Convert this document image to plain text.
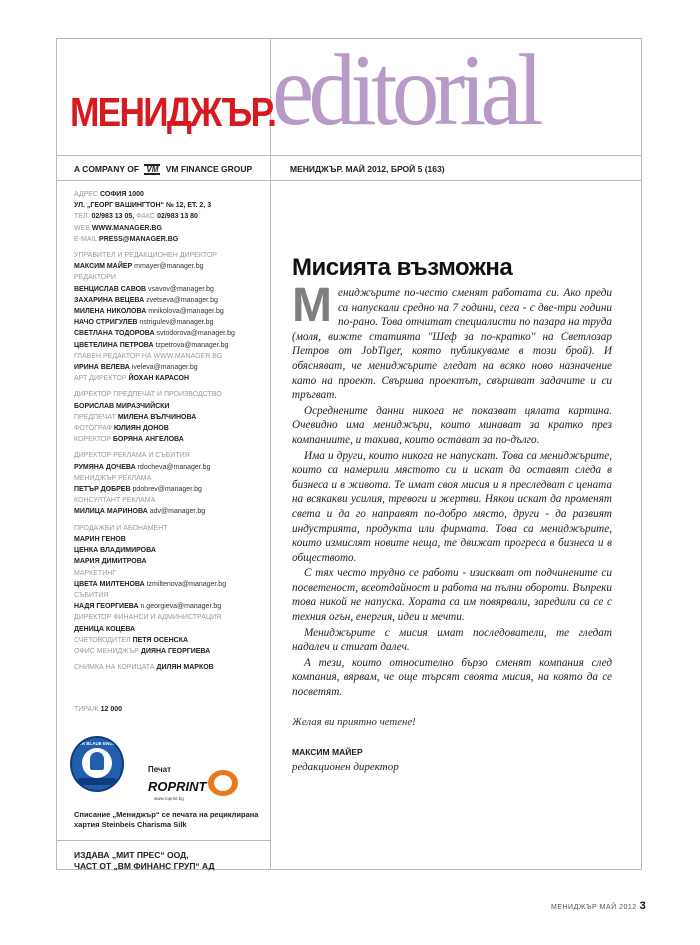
МЕНИДЖЪР.
editorial
A COMPANY OF VM VM FINANCE GROUP	МЕНИДЖЪР. МАЙ 2012, БРОЙ 5 (163)
АДРЕС СОФИЯ 1000
УЛ. „ГЕОРГ ВАШИНГТОН“ № 12, ЕТ. 2, 3
ТЕЛ. 02/983 13 05, ФАКС 02/983 13 80
WEB WWW.MANAGER.BG
E-MAIL PRESS@MANAGER.BG
УПРАВИТЕЛ И РЕДАКЦИОНЕН ДИРЕКТОР
МАКСИМ МАЙЕР mmayer@manager.bg
РЕДАКТОРИ
ВЕНЦИСЛАВ САВОВ vsavov@manager.bg
ЗАХАРИНА ВЕЦЕВА zvetseva@manager.bg
МИЛЕНА НИКОЛОВА mnikolova@manager.bg
НАЧО СТРИГУЛЕВ nstrigulev@manager.bg
СВЕТЛАНА ТОДОРОВА svtodorova@manager.bg
ЦВЕТЕЛИНА ПЕТРОВА tzpetrova@manager.bg
ГЛАВЕН РЕДАКТОР НА WWW.MANAGER.BG
ИРИНА ВЕЛЕВА iveleva@manager.bg
АРТ ДИРЕКТОР ЙОХАН КАРАСОН
ДИРЕКТОР ПРЕДПЕЧАТ И ПРОИЗВОДСТВО
БОРИСЛАВ МИРАЗЧИЙСКИ
ПРЕДПЕЧАТ МИЛЕНА ВЪЛЧИНОВА
ФОТОГРАФ ЮЛИЯН ДОНОВ
КОРЕКТОР БОРЯНА АНГЕЛОВА
ДИРЕКТОР РЕКЛАМА И СЪБИТИЯ
РУМЯНА ДОЧЕВА rdocheva@manager.bg
МЕНИДЖЪР РЕКЛАМА
ПЕТЪР ДОБРЕВ pdobrev@manager.bg
КОНСУЛТАНТ РЕКЛАМА
МИЛИЦА МАРИНОВА adv@manager.bg
ПРОДАЖБИ И АБОНАМЕНТ
МАРИН ГЕНОВ
ЦЕНКА ВЛАДИМИРОВА
МАРИЯ ДИМИТРОВА
МАРКЕТИНГ
ЦВЕТА МИЛТЕНОВА tzmiltenova@manager.bg
СЪБИТИЯ
НАДЯ ГЕОРГИЕВА n.georgieva@manager.bg
ДИРЕКТОР ФИНАНСИ И АДМИНИСТРАЦИЯ
ДЕНИЦА КОЦЕВА
СЧЕТОВОДИТЕЛ ПЕТЯ ОСЕНСКА
ОФИС МЕНИДЖЪР ДИЯНА ГЕОРГИЕВА
СНИМКА НА КОРИЦАТА ДИЛЯН МАРКОВ
ТИРАЖ 12 000
DER BLAUE ENGEL
Печат
ROPRINT
www.roprint.bg
Списание „Мениджър“ се печата на рециклирана хартия Steinbeis Charisma Silk
ИЗДАВА „МИТ ПРЕС“ ООД,
ЧАСТ ОТ „ВМ ФИНАНС ГРУП“ АД
Мисията възможна

Мениджърите по-често сменят работата си. Ако преди са напускали средно на 7 години, сега - с две-три години по-рано. Това отчитат специалисти по пазара на труда (моля, вижте статията "Шеф за по-кратко" на Светлозар Петров от JobTiger, която публикуваме в този брой). И обясняват, че мениджърите гледат на всяко ново назначение като на проект. Свършва проектът, свършват задачите и си тръгват.

Осреднените данни никога не показват цялата картина. Очевидно има мениджъри, които минават за кратко през компаниите, и такива, които остават за по-дълго.

Има и други, които никога не напускат. Това са мениджърите, които са намерили мястото си и искат да оставят следа в бизнеса и в живота. Те имат своя мисия и я преследват с цената на всякакви усилия, тревоги и жертви. Някои искат да променят света и да го направят по-добро място, други - да развият индустрията, продукта или фирмата. Това са мениджърите, които измислят новите неща, те движат прогреса в бизнеса и в обществото.

С тях често трудно се работи - изискват от подчинените си посветеност, всеотдайност и работа на пълни обороти. Въпреки това никой не напуска. Хората са им повярвали, заредили са се с техния огън, енергия, идеи и мечти.

Мениджърите с мисия имат последователи, те гледат надалеч и стигат далеч.

А тези, които относително бързо сменят компания след компания, вярвам, че още търсят своята мисия, на която да се посветят.

Желая ви приятно четене!
МАКСИМ МАЙЕР
редакционен директор
МЕНИДЖЪР МАЙ 2012 3
